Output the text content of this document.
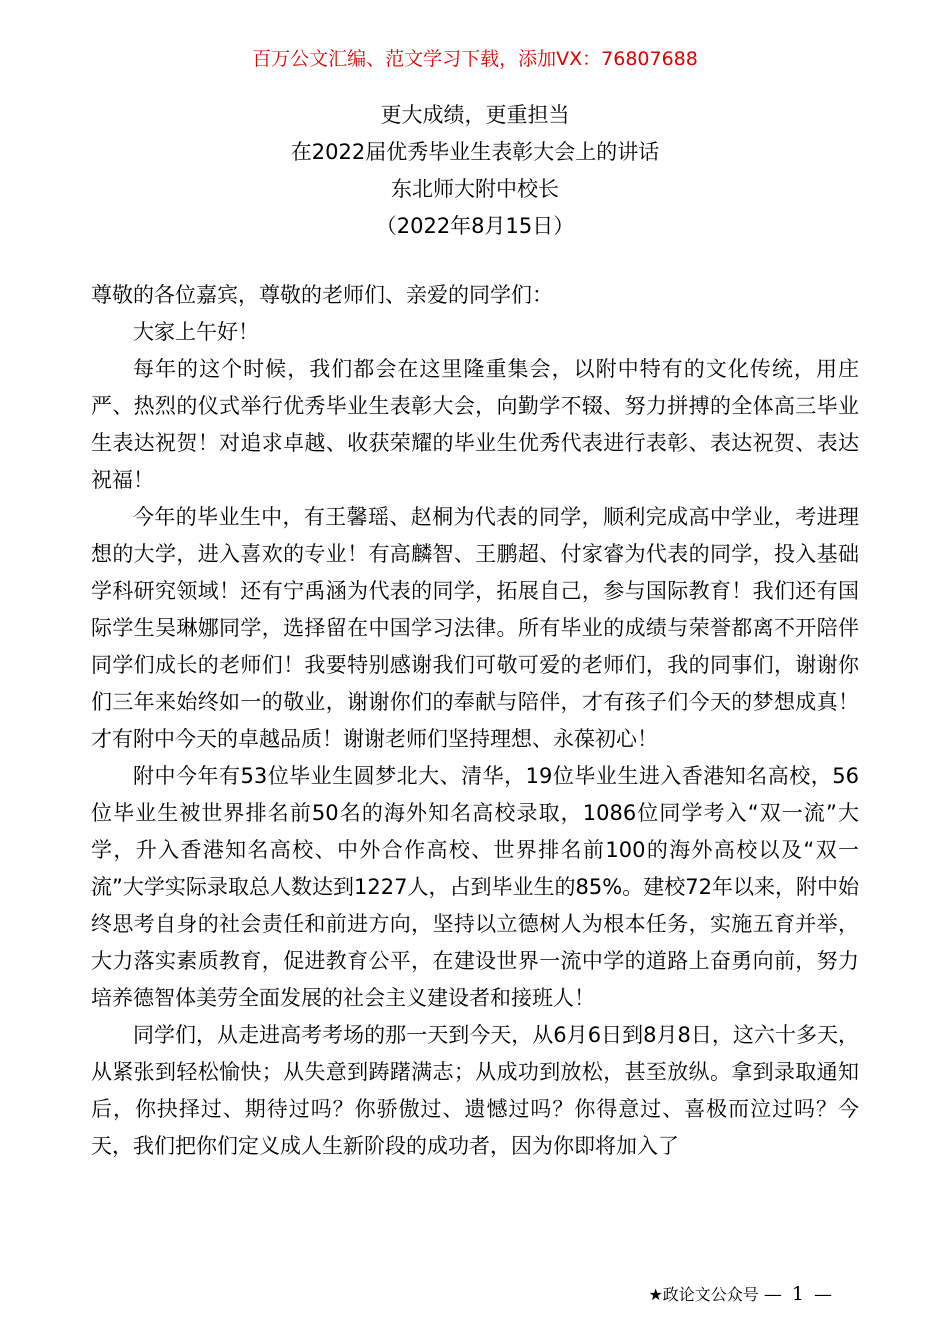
百万公文汇编、范文学习下载，添加VX：76807688
更大成绩，更重担当
在2022届优秀毕业生表彰大会上的讲话
东北师大附中校长
（2022年8月15日）

尊敬的各位嘉宾，尊敬的老师们、亲爱的同学们：

大家上午好！

每年的这个时候，我们都会在这里隆重集会，以附中特有的文化传统，用庄严、热烈的仪式举行优秀毕业生表彰大会，向勤学不辍、努力拼搏的全体高三毕业生表达祝贺！对追求卓越、收获荣耀的毕业生优秀代表进行表彰、表达祝贺、表达祝福！

今年的毕业生中，有王馨瑶、赵桐为代表的同学，顺利完成高中学业，考进理想的大学，进入喜欢的专业！有高麟智、王鹏超、付家睿为代表的同学，投入基础学科研究领域！还有宁禹涵为代表的同学，拓展自己，参与国际教育！我们还有国际学生吴琳娜同学，选择留在中国学习法律。所有毕业的成绩与荣誉都离不开陪伴同学们成长的老师们！我要特别感谢我们可敬可爱的老师们，我的同事们，谢谢你们三年来始终如一的敬业，谢谢你们的奉献与陪伴，才有孩子们今天的梦想成真！才有附中今天的卓越品质！谢谢老师们坚持理想、永葆初心！

附中今年有53位毕业生圆梦北大、清华，19位毕业生进入香港知名高校，56位毕业生被世界排名前50名的海外知名高校录取，1086位同学考入“双一流”大学，升入香港知名高校、中外合作高校、世界排名前100的海外高校以及“双一流”大学实际录取总人数达到1227人，占到毕业生的85%。建校72年以来，附中始终思考自身的社会责任和前进方向，坚持以立德树人为根本任务，实施五育并举，大力落实素质教育，促进教育公平，在建设世界一流中学的道路上奋勇向前，努力培养德智体美劳全面发展的社会主义建设者和接班人！

同学们，从走进高考考场的那一天到今天，从6月6日到8月8日，这六十多天，从紧张到轻松愉快；从失意到踌躇满志；从成功到放松，甚至放纵。拿到录取通知后，你抉择过、期待过吗？你骄傲过、遗憾过吗？你得意过、喜极而泣过吗？今天，我们把你们定义成人生新阶段的成功者，因为你即将加入了

★政论文公众号 — 1 —
